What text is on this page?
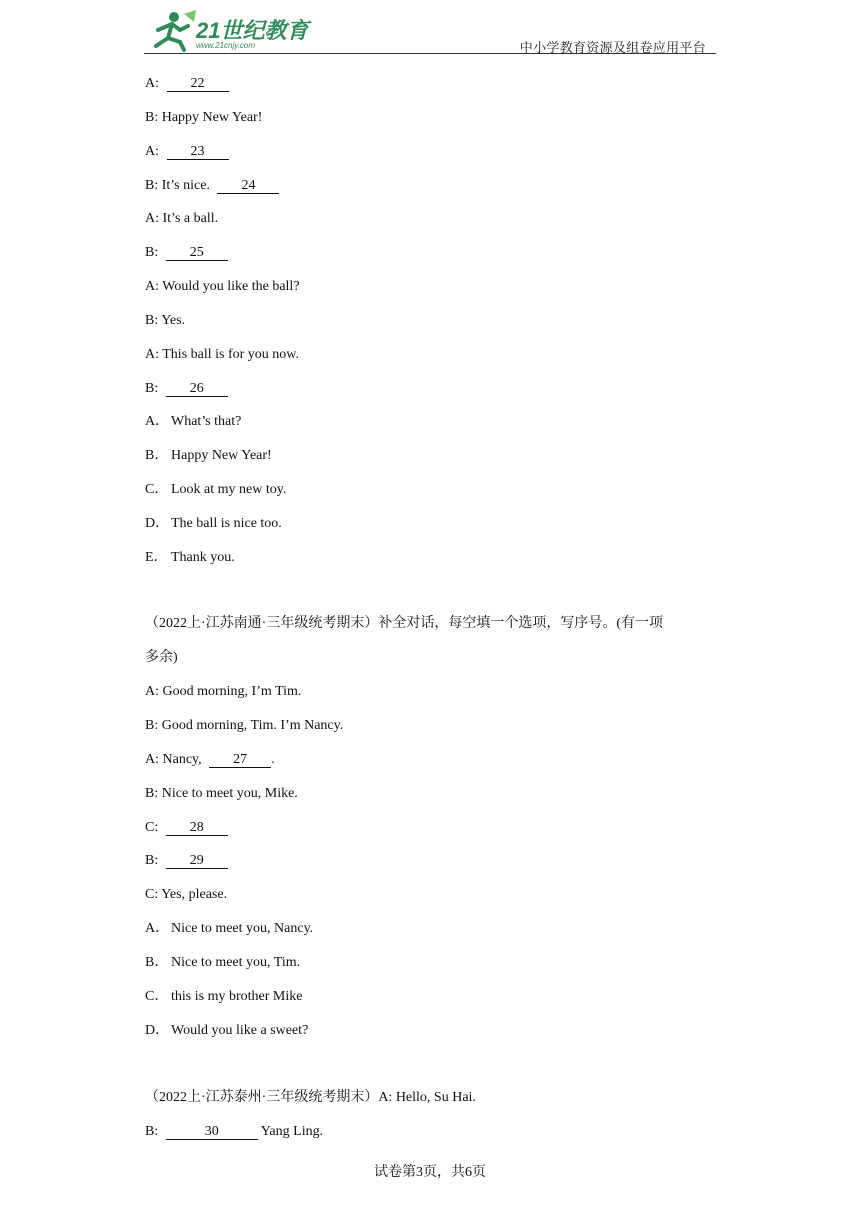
21世纪教育
www.21cnjy.com	中小学教育资源及组卷应用平台
A: 22
B: Happy New Year!
A: 23
B: It’s nice. 24
A: It’s a ball.
B: 25
A: Would you like the ball?
B: Yes.
A: This ball is for you now.
B: 26
A． What’s that?
B． Happy New Year!
C． Look at my new toy.
D． The ball is nice too.
E． Thank you.
（2022上·江苏南通·三年级统考期末）补全对话，每空填一个选项，写序号。(有一项
多余)
A: Good morning, I’m Tim.
B: Good morning, Tim. I’m Nancy.
A: Nancy, 27 .
B: Nice to meet you, Mike.
C: 28
B: 29
C: Yes, please.
A． Nice to meet you, Nancy.
B． Nice to meet you, Tim.
C． this is my brother Mike
D． Would you like a sweet?
（2022上·江苏泰州·三年级统考期末）A: Hello, Su Hai.
B:	30	Yang Ling.
试卷第3页，共6页
